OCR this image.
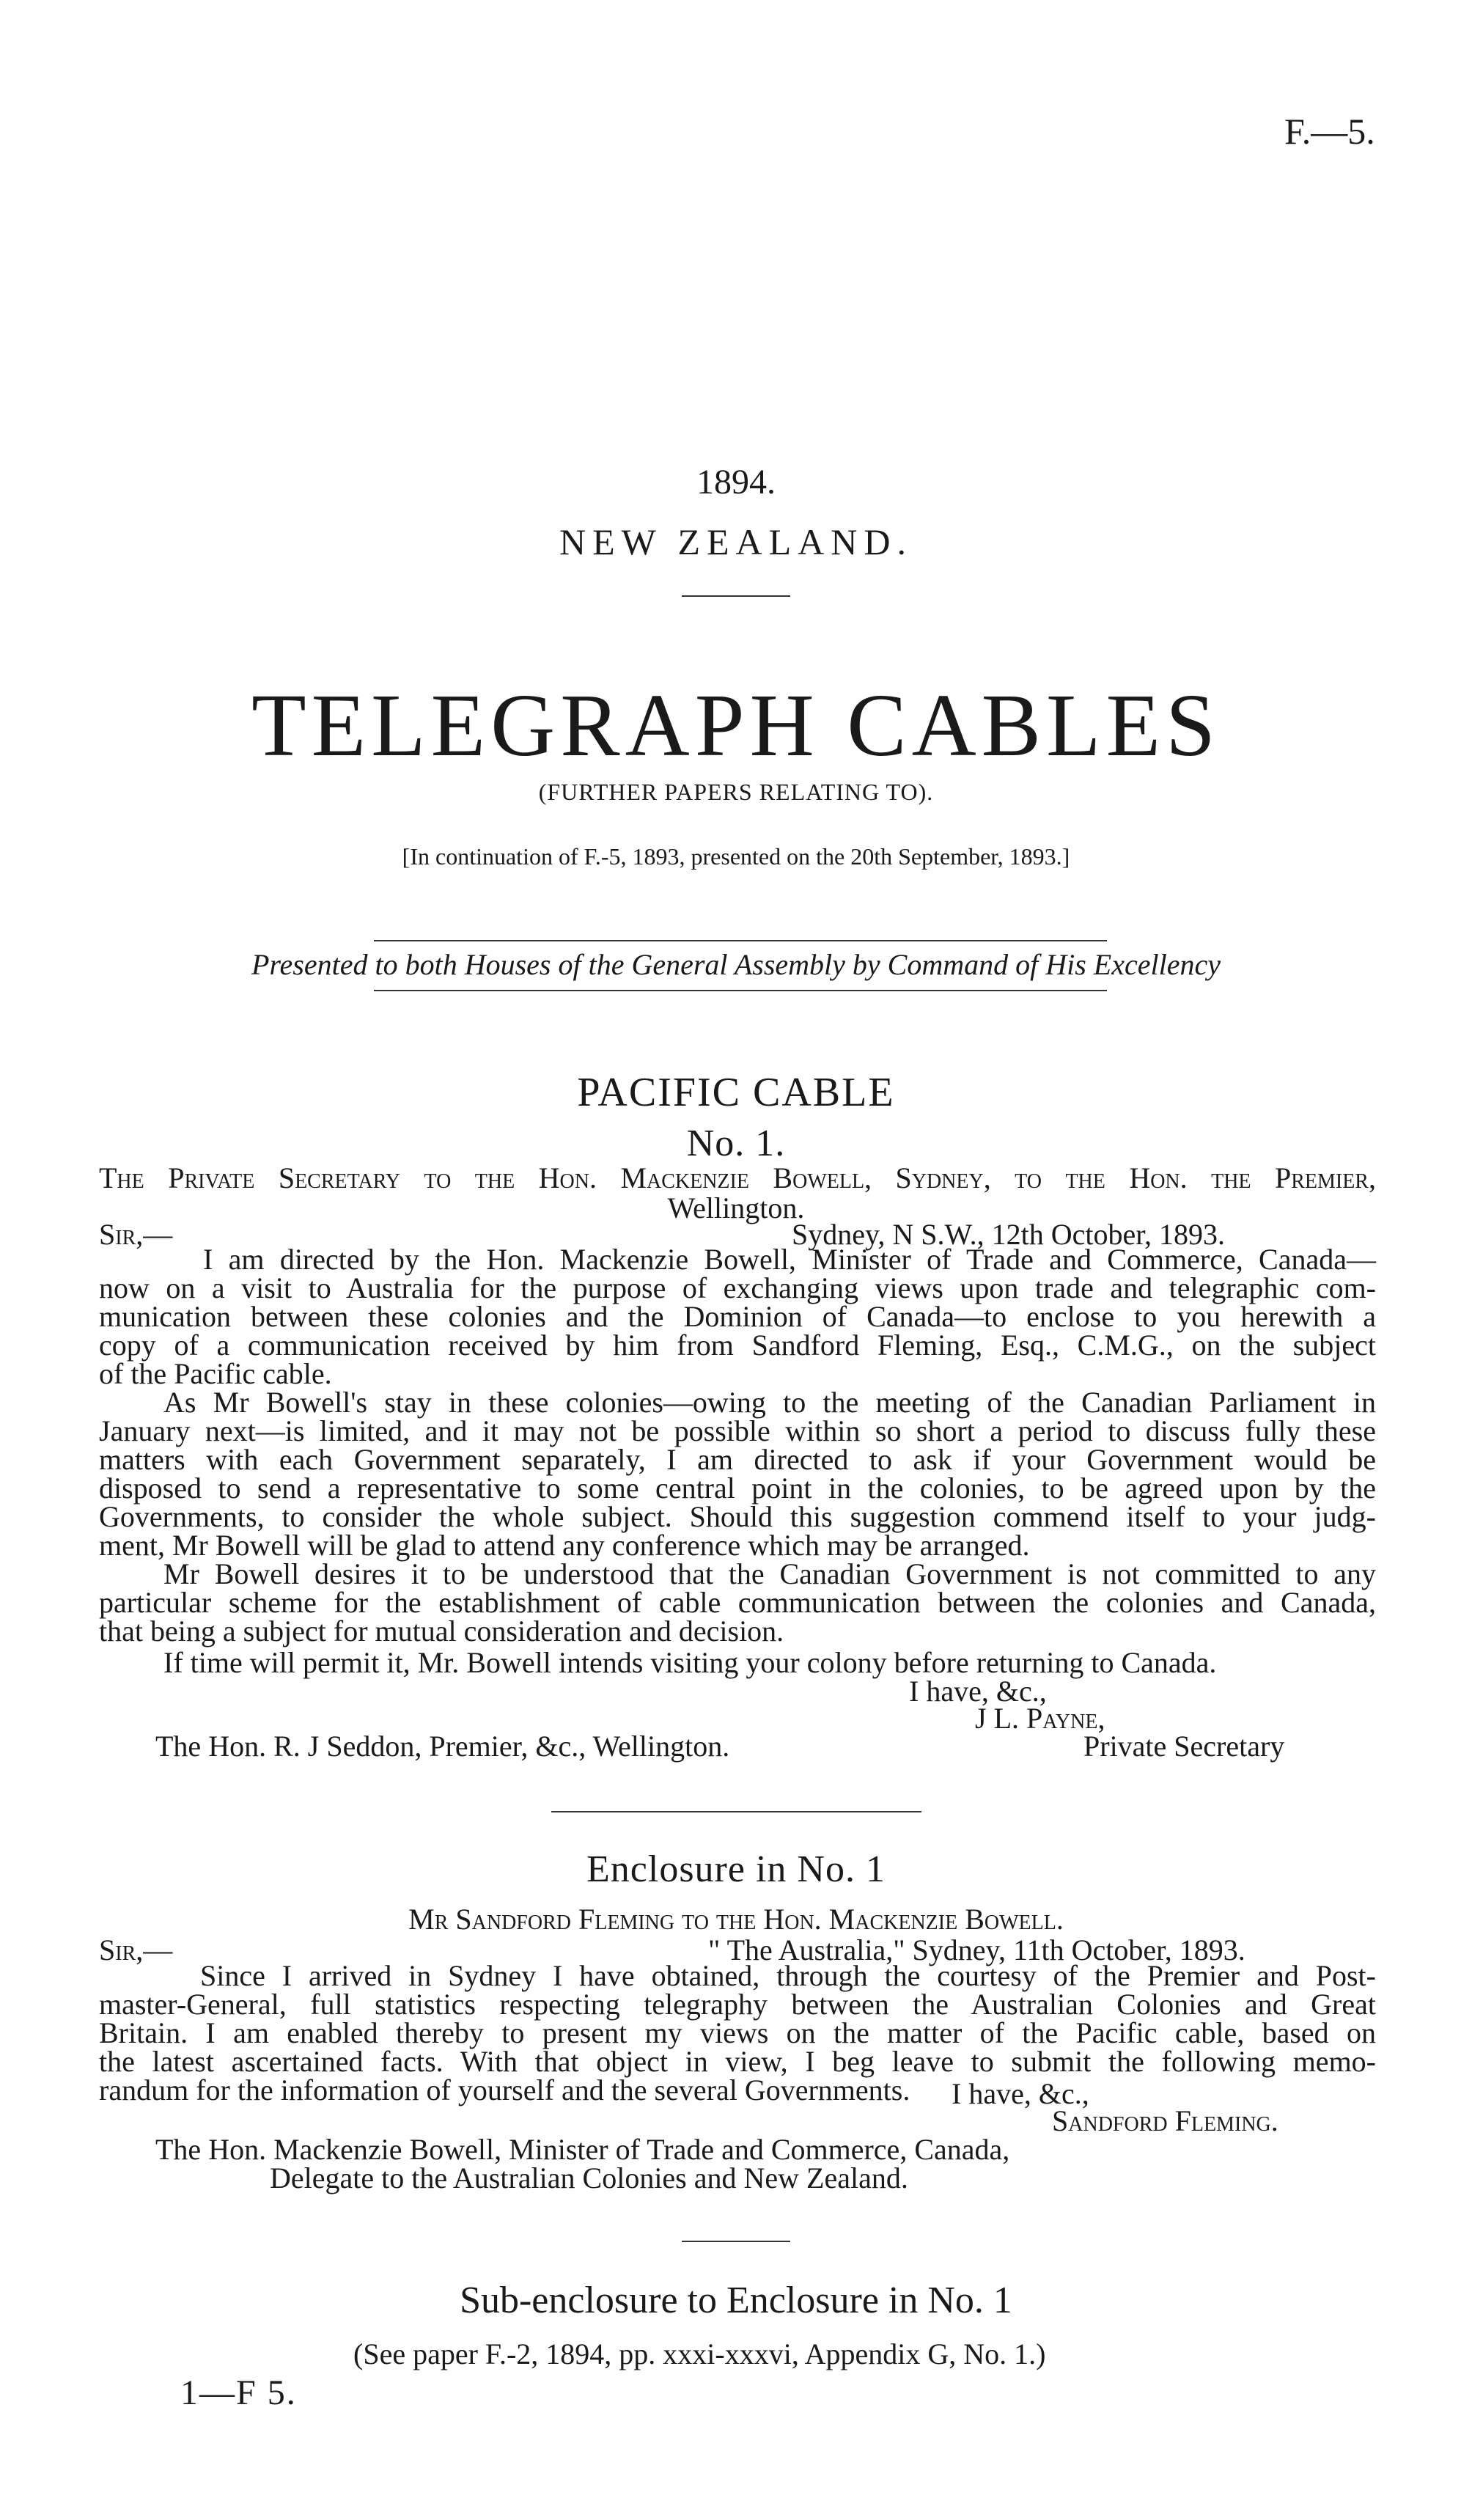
F.—5.
1894.
NEW ZEALAND.
TELEGRAPH CABLES
(FURTHER PAPERS RELATING TO).
[In continuation of F.-5, 1893, presented on the 20th September, 1893.]
Presented to both Houses of the General Assembly by Command of His Excellency
PACIFIC CABLE
No. 1.
The Private Secretary to the Hon. Mackenzie Bowell, Sydney, to the Hon. the Premier,
Wellington.
Sir,—	Sydney, N S.W., 12th October, 1893.
I am directed by the Hon. Mackenzie Bowell, Minister of Trade and Commerce, Canada—
now on a visit to Australia for the purpose of exchanging views upon trade and telegraphic com-
munication between these colonies and the Dominion of Canada—to enclose to you herewith a
copy of a communication received by him from Sandford Fleming, Esq., C.M.G., on the subject
of the Pacific cable.
As Mr Bowell's stay in these colonies—owing to the meeting of the Canadian Parliament in
January next—is limited, and it may not be possible within so short a period to discuss fully these
matters with each Government separately, I am directed to ask if your Government would be
disposed to send a representative to some central point in the colonies, to be agreed upon by the
Governments, to consider the whole subject. Should this suggestion commend itself to your judg-
ment, Mr Bowell will be glad to attend any conference which may be arranged.
Mr Bowell desires it to be understood that the Canadian Government is not committed to any
particular scheme for the establishment of cable communication between the colonies and Canada,
that being a subject for mutual consideration and decision.
If time will permit it, Mr. Bowell intends visiting your colony before returning to Canada.
I have, &c.,
J L. Payne,
The Hon. R. J Seddon, Premier, &c., Wellington.	Private Secretary
Enclosure in No. 1
Mr Sandford Fleming to the Hon. Mackenzie Bowell.
Sir,—	" The Australia," Sydney, 11th October, 1893.
Since I arrived in Sydney I have obtained, through the courtesy of the Premier and Post-
master-General, full statistics respecting telegraphy between the Australian Colonies and Great
Britain. I am enabled thereby to present my views on the matter of the Pacific cable, based on
the latest ascertained facts. With that object in view, I beg leave to submit the following memo-
randum for the information of yourself and the several Governments.	I have, &c.,
Sandford Fleming.
The Hon. Mackenzie Bowell, Minister of Trade and Commerce, Canada,
Delegate to the Australian Colonies and New Zealand.
Sub-enclosure to Enclosure in No. 1
(See paper F.-2, 1894, pp. xxxi-xxxvi, Appendix G, No. 1.)
1—F 5.
